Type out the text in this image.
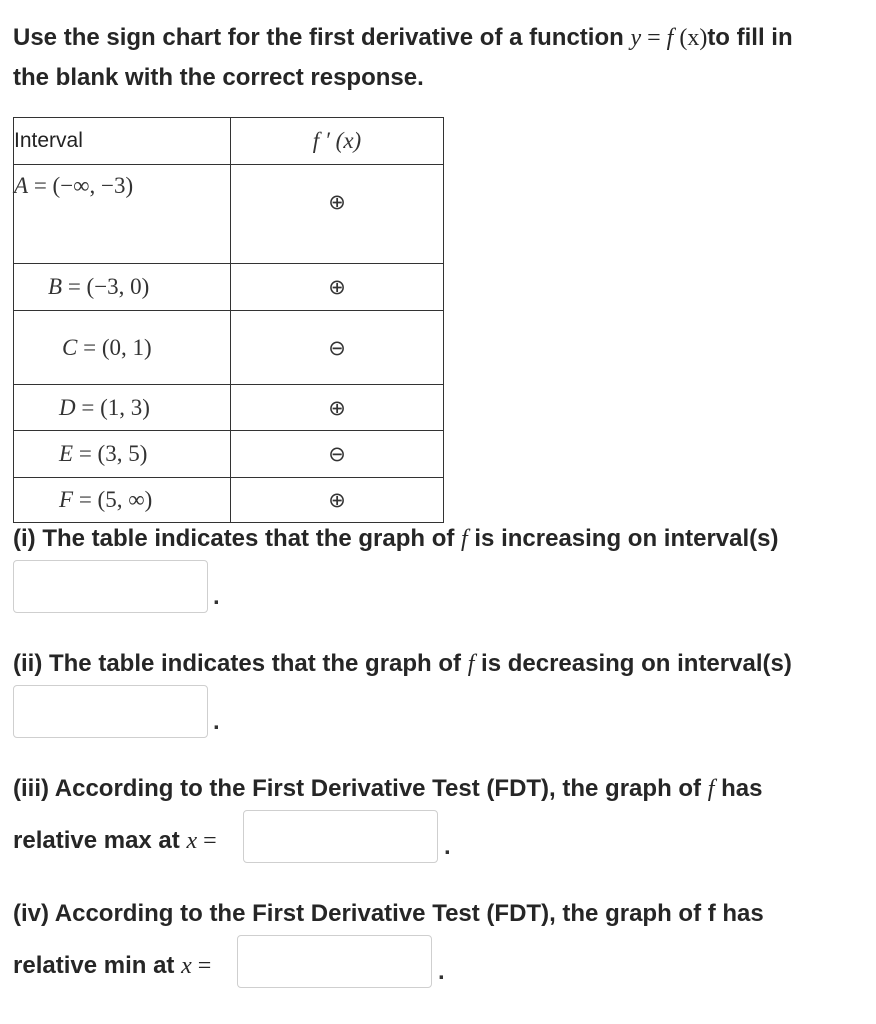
Use the sign chart for the first derivative of a function y = f (x)to fill in
the blank with the correct response.
Interval	f ′ (x)
A = (−∞, −3)	⊕
B = (−3, 0)	⊕
C = (0, 1)	⊖
D = (1, 3)	⊕
E = (3, 5)	⊖
F = (5, ∞)	⊕
(i) The table indicates that the graph of f is increasing on interval(s)
.
(ii) The table indicates that the graph of f is decreasing on interval(s)
.
(iii) According to the First Derivative Test (FDT), the graph of f has
relative max at x =	.
(iv) According to the First Derivative Test (FDT), the graph of f has
relative min at x =	.
